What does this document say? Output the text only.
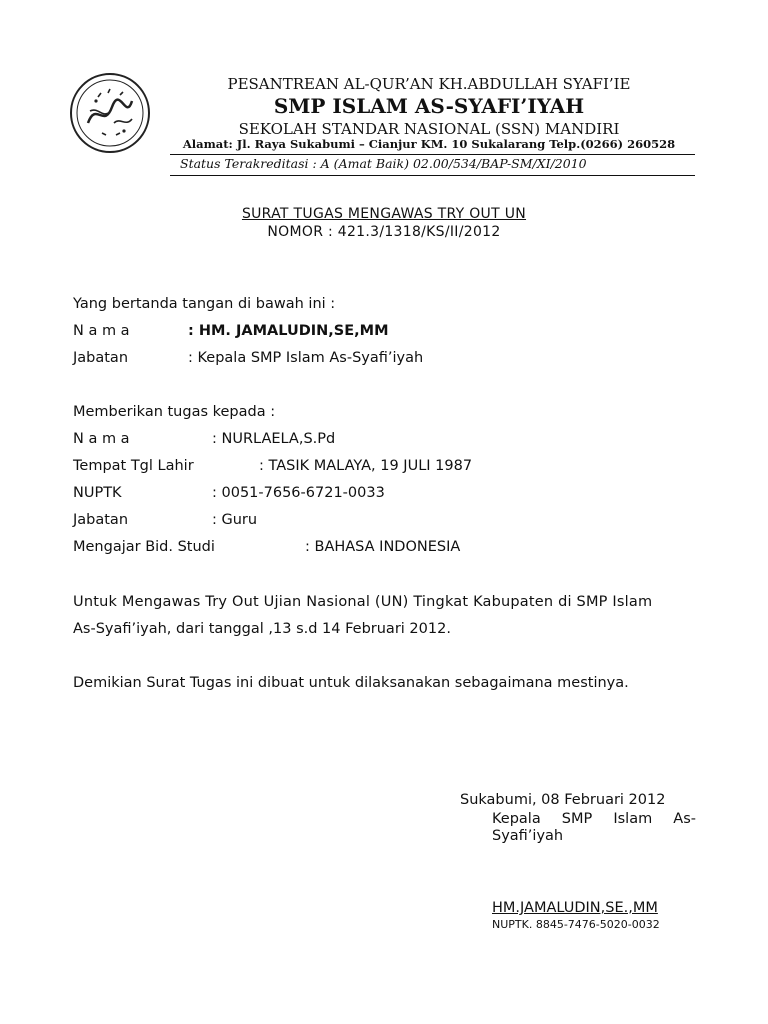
PESANTREAN AL-QUR’AN KH.ABDULLAH SYAFI’IE
SMP ISLAM AS-SYAFI’IYAH
SEKOLAH STANDAR NASIONAL (SSN) MANDIRI
Alamat: Jl. Raya Sukabumi – Cianjur KM. 10 Sukalarang Telp.(0266) 260528
Status Terakreditasi : A (Amat Baik) 02.00/534/BAP-SM/XI/2010
SURAT TUGAS MENGAWAS TRY OUT UN
NOMOR : 421.3/1318/KS/II/2012
Yang bertanda tangan di bawah ini :
N a m a	: HM. JAMALUDIN,SE,MM
Jabatan	: Kepala SMP Islam As-Syafi’iyah
Memberikan tugas kepada :
N a m a	: NURLAELA,S.Pd
Tempat Tgl Lahir	: TASIK MALAYA, 19 JULI 1987
NUPTK	: 0051-7656-6721-0033
Jabatan	: Guru
Mengajar Bid. Studi	: BAHASA INDONESIA
Untuk Mengawas Try Out Ujian Nasional (UN) Tingkat Kabupaten di SMP Islam
As-Syafi’iyah, dari tanggal ,13 s.d 14 Februari 2012.
Demikian Surat Tugas ini dibuat untuk dilaksanakan sebagaimana mestinya.
Sukabumi, 08 Februari 2012
Kepala SMP Islam As-
Syafi’iyah
HM.JAMALUDIN,SE.,MM
NUPTK. 8845-7476-5020-0032
